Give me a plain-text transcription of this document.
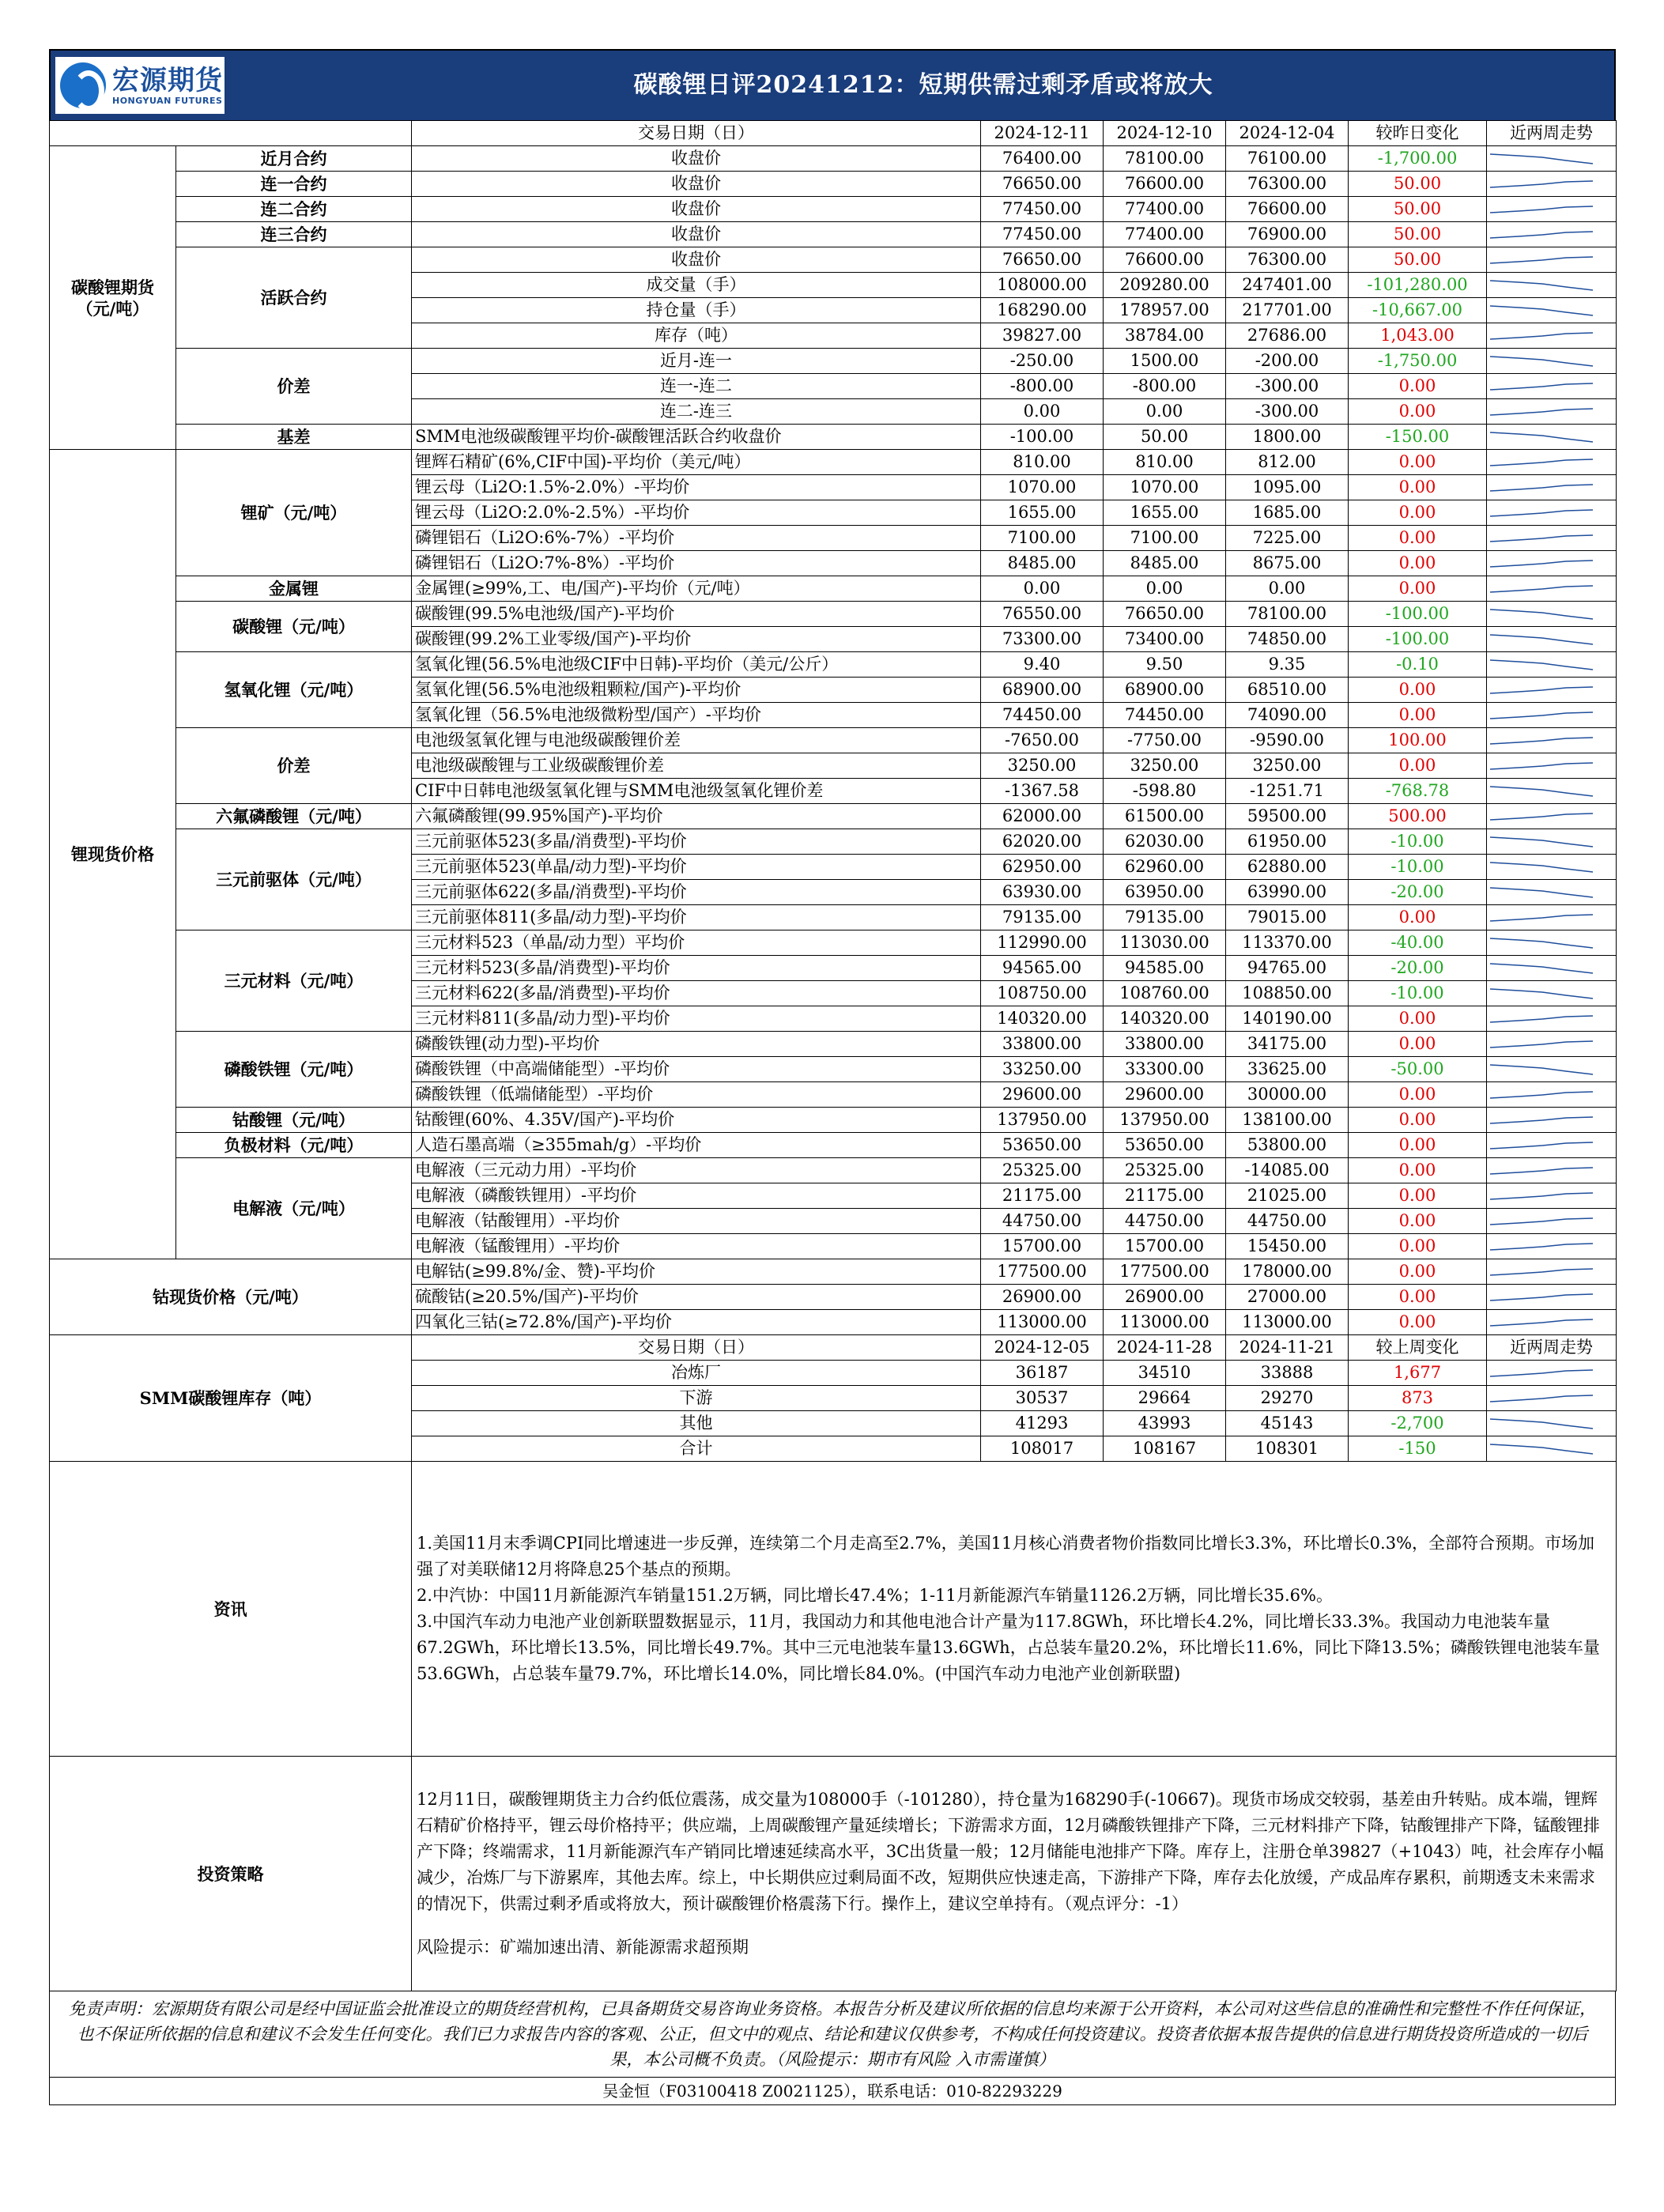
宏源期货
HONGYUAN FUTURES
碳酸锂日评20241212：短期供需过剩矛盾或将放大
		交易日期（日）	2024-12-11	2024-12-10	2024-12-04	较昨日变化	近两周走势
碳酸锂期货（元/吨）	近月合约	收盘价	76400.00	78100.00	76100.00	-1,700.00	

	连一合约	收盘价	76650.00	76600.00	76300.00	50.00	

	连二合约	收盘价	77450.00	77400.00	76600.00	50.00	

	连三合约	收盘价	77450.00	77400.00	76900.00	50.00	

	活跃合约	收盘价	76650.00	76600.00	76300.00	50.00	

		成交量（手）	108000.00	209280.00	247401.00	-101,280.00	

		持仓量（手）	168290.00	178957.00	217701.00	-10,667.00	

		库存（吨）	39827.00	38784.00	27686.00	1,043.00	

	价差	近月-连一	-250.00	1500.00	-200.00	-1,750.00	

		连一-连二	-800.00	-800.00	-300.00	0.00	

		连二-连三	0.00	0.00	-300.00	0.00	

	基差	SMM电池级碳酸锂平均价-碳酸锂活跃合约收盘价	-100.00	50.00	1800.00	-150.00	

锂现货价格	锂矿（元/吨）	锂辉石精矿(6%,CIF中国)-平均价（美元/吨）	810.00	810.00	812.00	0.00	

		锂云母（Li2O:1.5%-2.0%）-平均价	1070.00	1070.00	1095.00	0.00	

		锂云母（Li2O:2.0%-2.5%）-平均价	1655.00	1655.00	1685.00	0.00	

		磷锂铝石（Li2O:6%-7%）-平均价	7100.00	7100.00	7225.00	0.00	

		磷锂铝石（Li2O:7%-8%）-平均价	8485.00	8485.00	8675.00	0.00	

	金属锂	金属锂(≥99%,工、电/国产)-平均价（元/吨）	0.00	0.00	0.00	0.00	

	碳酸锂（元/吨）	碳酸锂(99.5%电池级/国产)-平均价	76550.00	76650.00	78100.00	-100.00	

		碳酸锂(99.2%工业零级/国产)-平均价	73300.00	73400.00	74850.00	-100.00	

	氢氧化锂（元/吨）	氢氧化锂(56.5%电池级CIF中日韩)-平均价（美元/公斤）	9.40	9.50	9.35	-0.10	

		氢氧化锂(56.5%电池级粗颗粒/国产)-平均价	68900.00	68900.00	68510.00	0.00	

		氢氧化锂（56.5%电池级微粉型/国产）-平均价	74450.00	74450.00	74090.00	0.00	

	价差	电池级氢氧化锂与电池级碳酸锂价差	-7650.00	-7750.00	-9590.00	100.00	

		电池级碳酸锂与工业级碳酸锂价差	3250.00	3250.00	3250.00	0.00	

		CIF中日韩电池级氢氧化锂与SMM电池级氢氧化锂价差	-1367.58	-598.80	-1251.71	-768.78	

	六氟磷酸锂（元/吨）	六氟磷酸锂(99.95%国产)-平均价	62000.00	61500.00	59500.00	500.00	

	三元前驱体（元/吨）	三元前驱体523(多晶/消费型)-平均价	62020.00	62030.00	61950.00	-10.00	

		三元前驱体523(单晶/动力型)-平均价	62950.00	62960.00	62880.00	-10.00	

		三元前驱体622(多晶/消费型)-平均价	63930.00	63950.00	63990.00	-20.00	

		三元前驱体811(多晶/动力型)-平均价	79135.00	79135.00	79015.00	0.00	

	三元材料（元/吨）	三元材料523（单晶/动力型）平均价	112990.00	113030.00	113370.00	-40.00	

		三元材料523(多晶/消费型)-平均价	94565.00	94585.00	94765.00	-20.00	

		三元材料622(多晶/消费型)-平均价	108750.00	108760.00	108850.00	-10.00	

		三元材料811(多晶/动力型)-平均价	140320.00	140320.00	140190.00	0.00	

	磷酸铁锂（元/吨）	磷酸铁锂(动力型)-平均价	33800.00	33800.00	34175.00	0.00	

		磷酸铁锂（中高端储能型）-平均价	33250.00	33300.00	33625.00	-50.00	

		磷酸铁锂（低端储能型）-平均价	29600.00	29600.00	30000.00	0.00	

	钴酸锂（元/吨）	钴酸锂(60%、4.35V/国产)-平均价	137950.00	137950.00	138100.00	0.00	

	负极材料（元/吨）	人造石墨高端（≥355mah/g）-平均价	53650.00	53650.00	53800.00	0.00	

	电解液（元/吨）	电解液（三元动力用）-平均价	25325.00	25325.00	-14085.00	0.00	

		电解液（磷酸铁锂用）-平均价	21175.00	21175.00	21025.00	0.00	

		电解液（钴酸锂用）-平均价	44750.00	44750.00	44750.00	0.00	

		电解液（锰酸锂用）-平均价	15700.00	15700.00	15450.00	0.00	

钴现货价格（元/吨）		电解钴(≥99.8%/金、赞)-平均价	177500.00	177500.00	178000.00	0.00	

		硫酸钴(≥20.5%/国产)-平均价	26900.00	26900.00	27000.00	0.00	

		四氧化三钴(≥72.8%/国产)-平均价	113000.00	113000.00	113000.00	0.00	

SMM碳酸锂库存（吨）		交易日期（日）	2024-12-05	2024-11-28	2024-11-21	较上周变化	近两周走势
		冶炼厂	36187	34510	33888	1,677	

		下游	30537	29664	29270	873	

		其他	41293	43993	45143	-2,700	

		合计	108017	108167	108301	-150	

资讯		1.美国11月末季调CPI同比增速进一步反弹，连续第二个月走高至2.7%，美国11月核心消费者物价指数同比增长3.3%，环比增长0.3%，全部符合预期。市场加强了对美联储12月将降息25个基点的预期。
2.中汽协：中国11月新能源汽车销量151.2万辆，同比增长47.4%；1-11月新能源汽车销量1126.2万辆，同比增长35.6%。
3.中国汽车动力电池产业创新联盟数据显示，11月，我国动力和其他电池合计产量为117.8GWh，环比增长4.2%，同比增长33.3%。我国动力电池装车量67.2GWh，环比增长13.5%，同比增长49.7%。其中三元电池装车量13.6GWh，占总装车量20.2%，环比增长11.6%，同比下降13.5%；磷酸铁锂电池装车量53.6GWh，占总装车量79.7%，环比增长14.0%，同比增长84.0%。(中国汽车动力电池产业创新联盟)					

投资策略		12月11日，碳酸锂期货主力合约低位震荡，成交量为108000手（-101280），持仓量为168290手(-10667)。现货市场成交较弱，基差由升转贴。成本端，锂辉石精矿价格持平，锂云母价格持平；供应端，上周碳酸锂产量延续增长；下游需求方面，12月磷酸铁锂排产下降，三元材料排产下降，钴酸锂排产下降，锰酸锂排产下降；终端需求，11月新能源汽车产销同比增速延续高水平，3C出货量一般；12月储能电池排产下降。库存上，注册仓单39827（+1043）吨，社会库存小幅减少，冶炼厂与下游累库，其他去库。综上，中长期供应过剩局面不改，短期供应快速走高，下游排产下降，库存去化放缓，产成品库存累积，前期透支未来需求的情况下，供需过剩矛盾或将放大，预计碳酸锂价格震荡下行。操作上，建议空单持有。（观点评分：-1）
风险提示：矿端加速出清、新能源需求超预期					
免责声明：宏源期货有限公司是经中国证监会批准设立的期货经营机构，已具备期货交易咨询业务资格。本报告分析及建议所依据的信息均来源于公开资料，本公司对这些信息的准确性和完整性不作任何保证，也不保证所依据的信息和建议不会发生任何变化。我们已力求报告内容的客观、公正，但文中的观点、结论和建议仅供参考，不构成任何投资建议。投资者依据本报告提供的信息进行期货投资所造成的一切后果，本公司概不负责。（风险提示：期市有风险 入市需谨慎）
吴金恒（F03100418 Z0021125），联系电话：010-82293229
